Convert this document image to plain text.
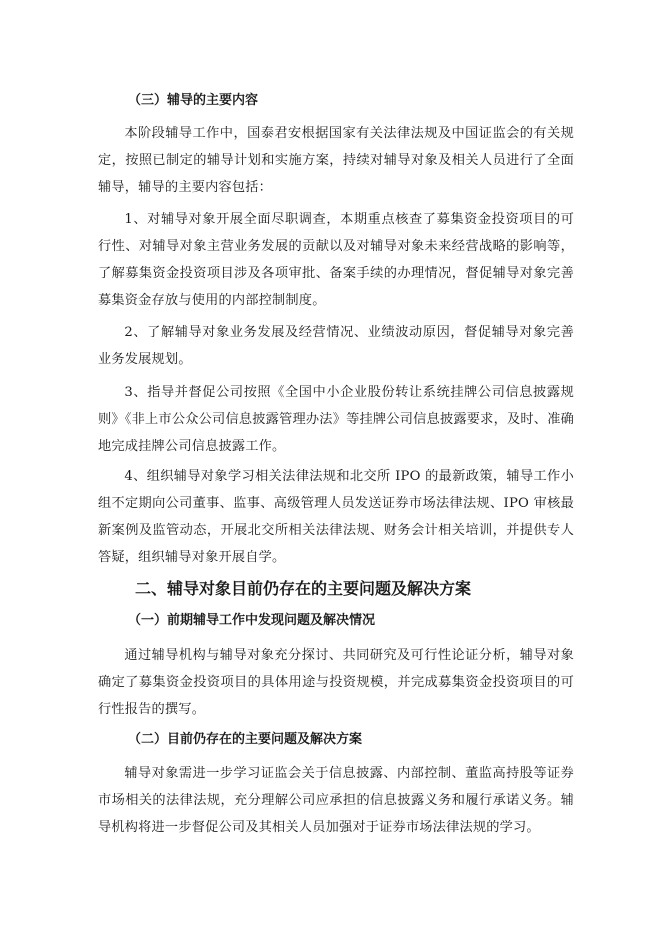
（三）辅导的主要内容

本阶段辅导工作中，国泰君安根据国家有关法律法规及中国证监会的有关规定，按照已制定的辅导计划和实施方案，持续对辅导对象及相关人员进行了全面辅导，辅导的主要内容包括：

1、对辅导对象开展全面尽职调查，本期重点核查了募集资金投资项目的可行性、对辅导对象主营业务发展的贡献以及对辅导对象未来经营战略的影响等，了解募集资金投资项目涉及各项审批、备案手续的办理情况，督促辅导对象完善募集资金存放与使用的内部控制制度。

2、了解辅导对象业务发展及经营情况、业绩波动原因，督促辅导对象完善业务发展规划。

3、指导并督促公司按照《全国中小企业股份转让系统挂牌公司信息披露规则》《非上市公众公司信息披露管理办法》等挂牌公司信息披露要求，及时、准确地完成挂牌公司信息披露工作。

4、组织辅导对象学习相关法律法规和北交所 IPO 的最新政策，辅导工作小组不定期向公司董事、监事、高级管理人员发送证券市场法律法规、IPO 审核最新案例及监管动态，开展北交所相关法律法规、财务会计相关培训，并提供专人答疑，组织辅导对象开展自学。

二、辅导对象目前仍存在的主要问题及解决方案

（一）前期辅导工作中发现问题及解决情况

通过辅导机构与辅导对象充分探讨、共同研究及可行性论证分析，辅导对象确定了募集资金投资项目的具体用途与投资规模，并完成募集资金投资项目的可行性报告的撰写。

（二）目前仍存在的主要问题及解决方案

辅导对象需进一步学习证监会关于信息披露、内部控制、董监高持股等证券市场相关的法律法规，充分理解公司应承担的信息披露义务和履行承诺义务。辅导机构将进一步督促公司及其相关人员加强对于证券市场法律法规的学习。
